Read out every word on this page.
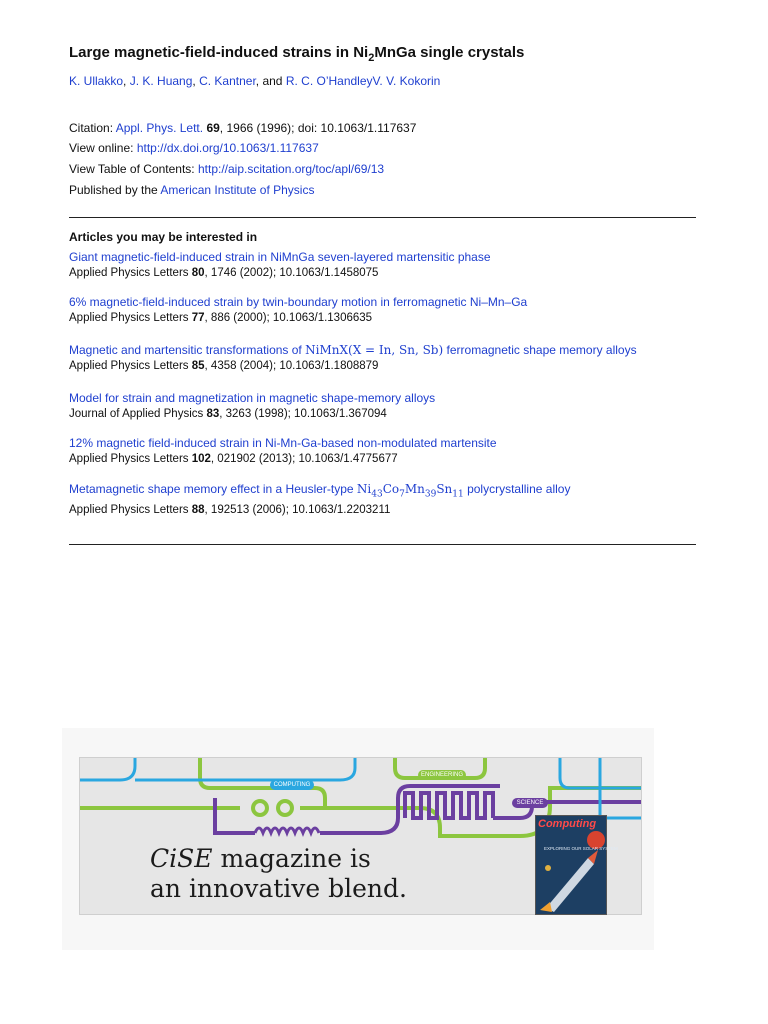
Large magnetic-field-induced strains in $Ni_2MnGa$ single crystals
K. Ullakko, J. K. Huang, C. Kantner, and R. C. O’HandleyV. V. Kokorin
Citation: Appl. Phys. Lett. 69, 1966 (1996); doi: 10.1063/1.117637
View online: http://dx.doi.org/10.1063/1.117637
View Table of Contents: http://aip.scitation.org/toc/apl/69/13
Published by the American Institute of Physics
Articles you may be interested in
Giant magnetic-field-induced strain in NiMnGa seven-layered martensitic phase
Applied Physics Letters 80, 1746 (2002); 10.1063/1.1458075
6% magnetic-field-induced strain by twin-boundary motion in ferromagnetic Ni–Mn–Ga
Applied Physics Letters 77, 886 (2000); 10.1063/1.1306635
Magnetic and martensitic transformations of NiMnX(X = In, Sn, Sb) ferromagnetic shape memory alloys
Applied Physics Letters 85, 4358 (2004); 10.1063/1.1808879
Model for strain and magnetization in magnetic shape-memory alloys
Journal of Applied Physics 83, 3263 (1998); 10.1063/1.367094
12% magnetic field-induced strain in Ni-Mn-Ga-based non-modulated martensite
Applied Physics Letters 102, 021902 (2013); 10.1063/1.4775677
Metamagnetic shape memory effect in a Heusler-type $Ni_{43}Co_7Mn_{39}Sn_{11}$ polycrystalline alloy
Applied Physics Letters 88, 192513 (2006); 10.1063/1.2203211
COMPUTING
ENGINEERING
SCIENCE
CiSE magazine is
an innovative blend.
Computing
EXPLORING OUR SOLAR SYSTEM
